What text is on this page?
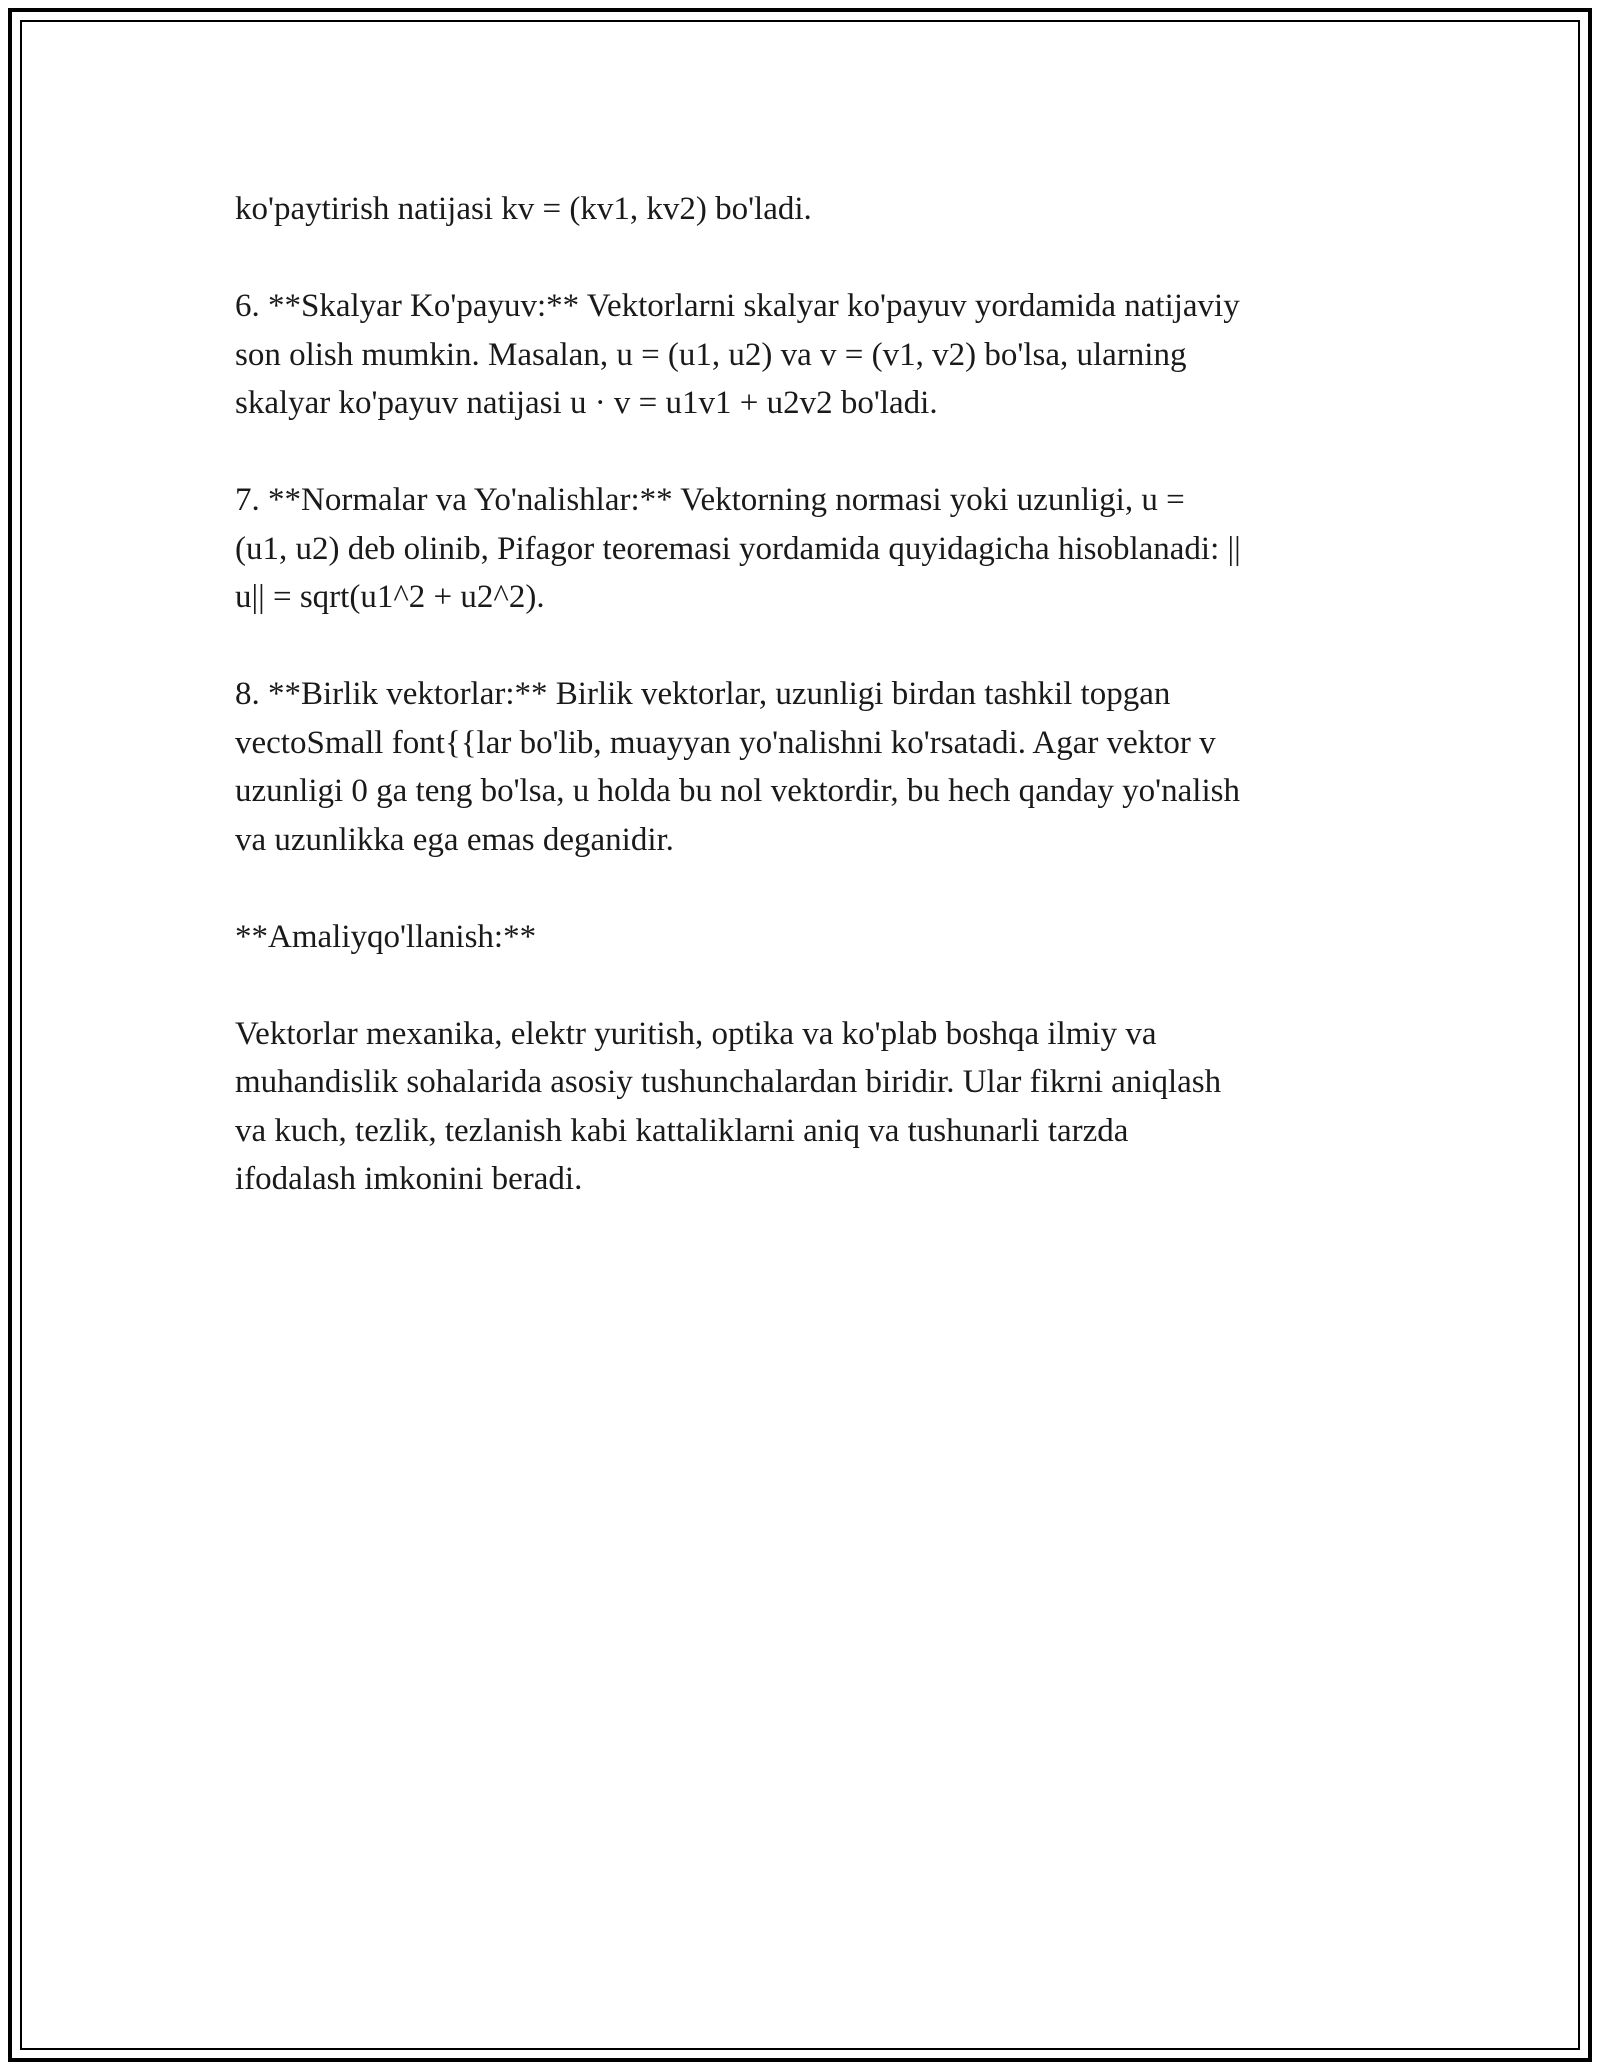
ko'paytirish natijasi kv = (kv1, kv2) bo'ladi.

6. **Skalyar Ko'payuv:** Vektorlarni skalyar ko'payuv yordamida natijaviy
son olish mumkin. Masalan, u = (u1, u2) va v = (v1, v2) bo'lsa, ularning
skalyar ko'payuv natijasi u · v = u1v1 + u2v2 bo'ladi.

7. **Normalar va Yo'nalishlar:** Vektorning normasi yoki uzunligi, u =
(u1, u2) deb olinib, Pifagor teoremasi yordamida quyidagicha hisoblanadi: ||
u|| = sqrt(u1^2 + u2^2).

8. **Birlik vektorlar:** Birlik vektorlar, uzunligi birdan tashkil topgan
vectoSmall font{{lar bo'lib, muayyan yo'nalishni ko'rsatadi. Agar vektor v
uzunligi 0 ga teng bo'lsa, u holda bu nol vektordir, bu hech qanday yo'nalish
va uzunlikka ega emas deganidir.

**Amaliyqo'llanish:**

Vektorlar mexanika, elektr yuritish, optika va ko'plab boshqa ilmiy va
muhandislik sohalarida asosiy tushunchalardan biridir. Ular fikrni aniqlash
va kuch, tezlik, tezlanish kabi kattaliklarni aniq va tushunarli tarzda
ifodalash imkonini beradi.
